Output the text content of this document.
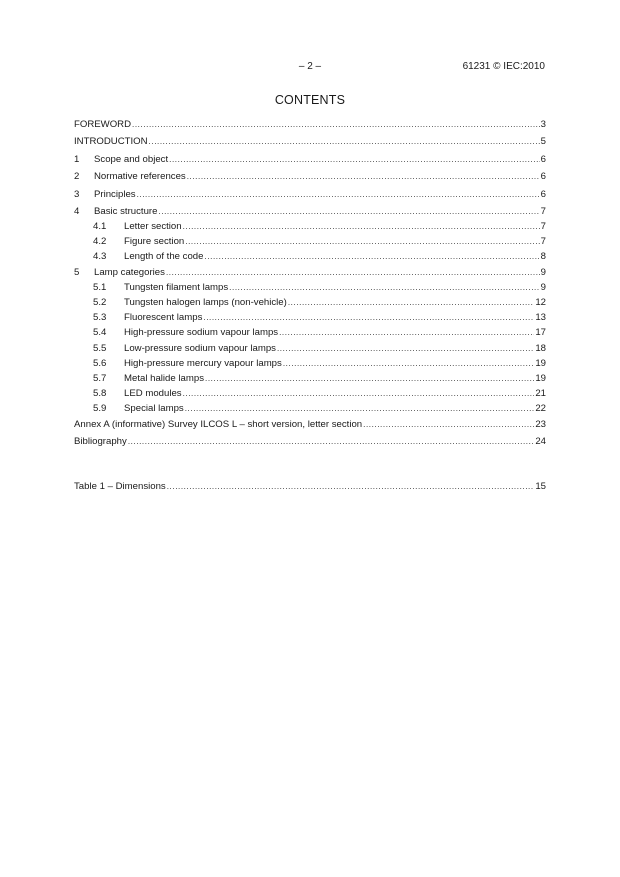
– 2 –	61231 © IEC:2010
CONTENTS
FOREWORD .....	3
INTRODUCTION .....	5
1	Scope and object .....	6
2	Normative references .....	6
3	Principles .....	6
4	Basic structure .....	7
4.1	Letter section .....	7
4.2	Figure section .....	7
4.3	Length of the code .....	8
5	Lamp categories .....	9
5.1	Tungsten filament lamps .....	9
5.2	Tungsten halogen lamps (non-vehicle) .....	12
5.3	Fluorescent lamps .....	13
5.4	High-pressure sodium vapour lamps .....	17
5.5	Low-pressure sodium vapour lamps .....	18
5.6	High-pressure mercury vapour lamps .....	19
5.7	Metal halide lamps .....	19
5.8	LED modules .....	21
5.9	Special lamps .....	22
Annex A (informative) Survey ILCOS L – short version, letter section .....	23
Bibliography .....	24
Table 1 – Dimensions .....	15
